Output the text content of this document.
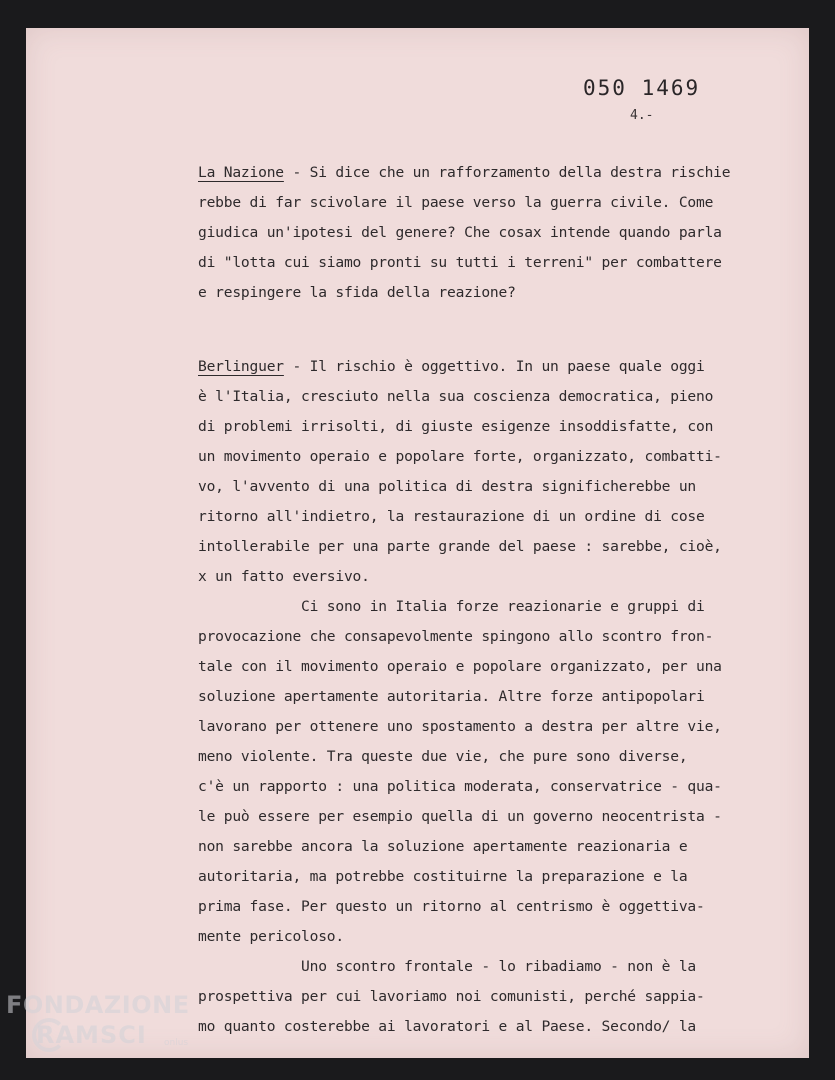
050 1469
4.-
La Nazione - Si dice che un rafforzamento della destra rischie
rebbe di far scivolare il paese verso la guerra civile. Come
giudica un'ipotesi del genere? Che cosax intende quando parla
di "lotta cui siamo pronti su tutti i terreni" per combattere
e respingere la sfida della reazione?
Berlinguer - Il rischio è oggettivo. In un paese quale oggi
è l'Italia, cresciuto nella sua coscienza democratica, pieno
di problemi irrisolti, di giuste esigenze insoddisfatte, con
un movimento operaio e popolare forte, organizzato, combatti-
vo, l'avvento di una politica di destra significherebbe un
ritorno all'indietro, la restaurazione di un ordine di cose
intollerabile per una parte grande del paese : sarebbe, cioè,
x un fatto eversivo.
Ci sono in Italia forze reazionarie e gruppi di
provocazione che consapevolmente spingono allo scontro fron-
tale con il movimento operaio e popolare organizzato, per una
soluzione apertamente autoritaria. Altre forze antipopolari
lavorano per ottenere uno spostamento a destra per altre vie,
meno violente. Tra queste due vie, che pure sono diverse,
c'è un rapporto : una politica moderata, conservatrice - qua-
le può essere per esempio quella di un governo neocentrista -
non sarebbe ancora la soluzione apertamente reazionaria e
autoritaria, ma potrebbe costituirne la preparazione e la
prima fase. Per questo un ritorno al centrismo è oggettiva-
mente pericoloso.
Uno scontro frontale - lo ribadiamo - non è la
prospettiva per cui lavoriamo noi comunisti, perché sappia-
mo quanto costerebbe ai lavoratori e al Paese. Secondo/ la
FONDAZIONE
RAMSCI	onlus
